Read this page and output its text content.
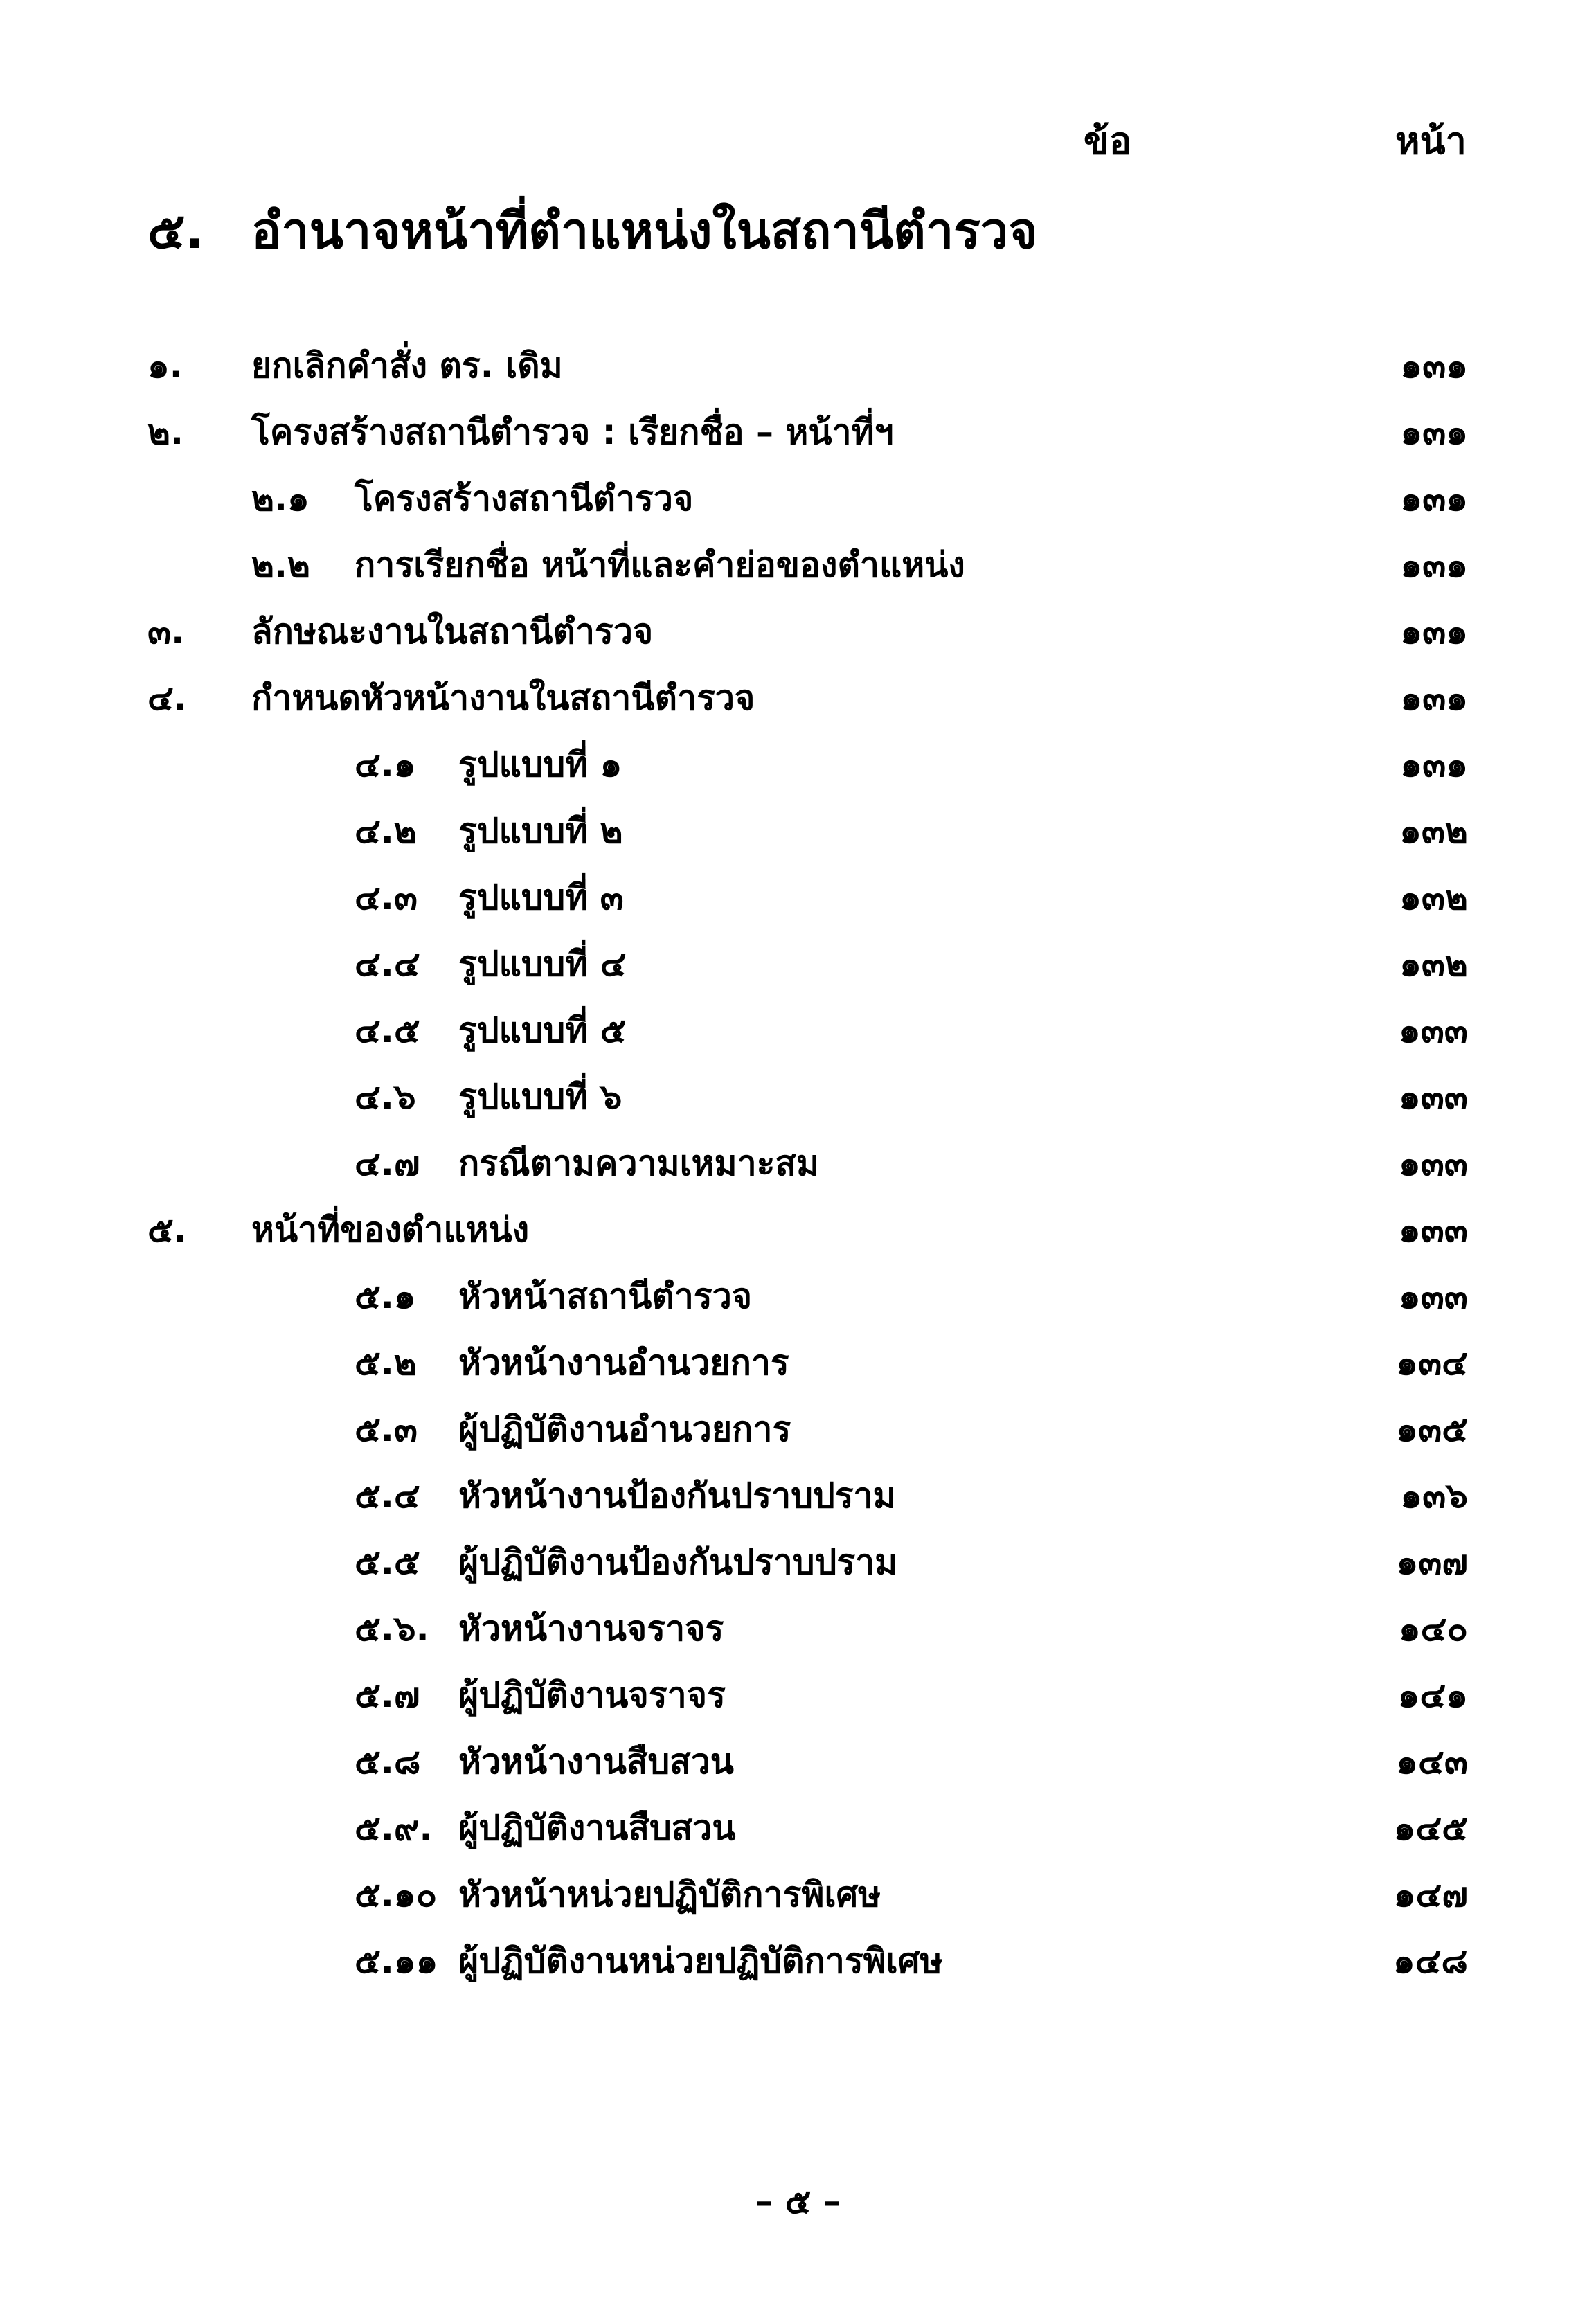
ข้อ	หน้า
๕. อำนาจหน้าที่ตำแหน่งในสถานีตำรวจ
๑. ยกเลิกคำสั่ง ตร. เดิม	๑๓๑
๒. โครงสร้างสถานีตำรวจ : เรียกชื่อ – หน้าที่ฯ	๑๓๑
๒.๑ โครงสร้างสถานีตำรวจ	๑๓๑
๒.๒ การเรียกชื่อ หน้าที่และคำย่อของตำแหน่ง	๑๓๑
๓. ลักษณะงานในสถานีตำรวจ	๑๓๑
๔. กำหนดหัวหน้างานในสถานีตำรวจ	๑๓๑
๔.๑ รูปแบบที่ ๑	๑๓๑
๔.๒ รูปแบบที่ ๒	๑๓๒
๔.๓ รูปแบบที่ ๓	๑๓๒
๔.๔ รูปแบบที่ ๔	๑๓๒
๔.๕ รูปแบบที่ ๕	๑๓๓
๔.๖ รูปแบบที่ ๖	๑๓๓
๔.๗ กรณีตามความเหมาะสม	๑๓๓
๕. หน้าที่ของตำแหน่ง	๑๓๓
๕.๑ หัวหน้าสถานีตำรวจ	๑๓๓
๕.๒ หัวหน้างานอำนวยการ	๑๓๔
๕.๓ ผู้ปฏิบัติงานอำนวยการ	๑๓๕
๕.๔ หัวหน้างานป้องกันปราบปราม	๑๓๖
๕.๕ ผู้ปฏิบัติงานป้องกันปราบปราม	๑๓๗
๕.๖. หัวหน้างานจราจร	๑๔๐
๕.๗ ผู้ปฏิบัติงานจราจร	๑๔๑
๕.๘ หัวหน้างานสืบสวน	๑๔๓
๕.๙. ผู้ปฏิบัติงานสืบสวน	๑๔๕
๕.๑๐ หัวหน้าหน่วยปฏิบัติการพิเศษ	๑๔๗
๕.๑๑ ผู้ปฏิบัติงานหน่วยปฏิบัติการพิเศษ	๑๔๘
– ๕ –
